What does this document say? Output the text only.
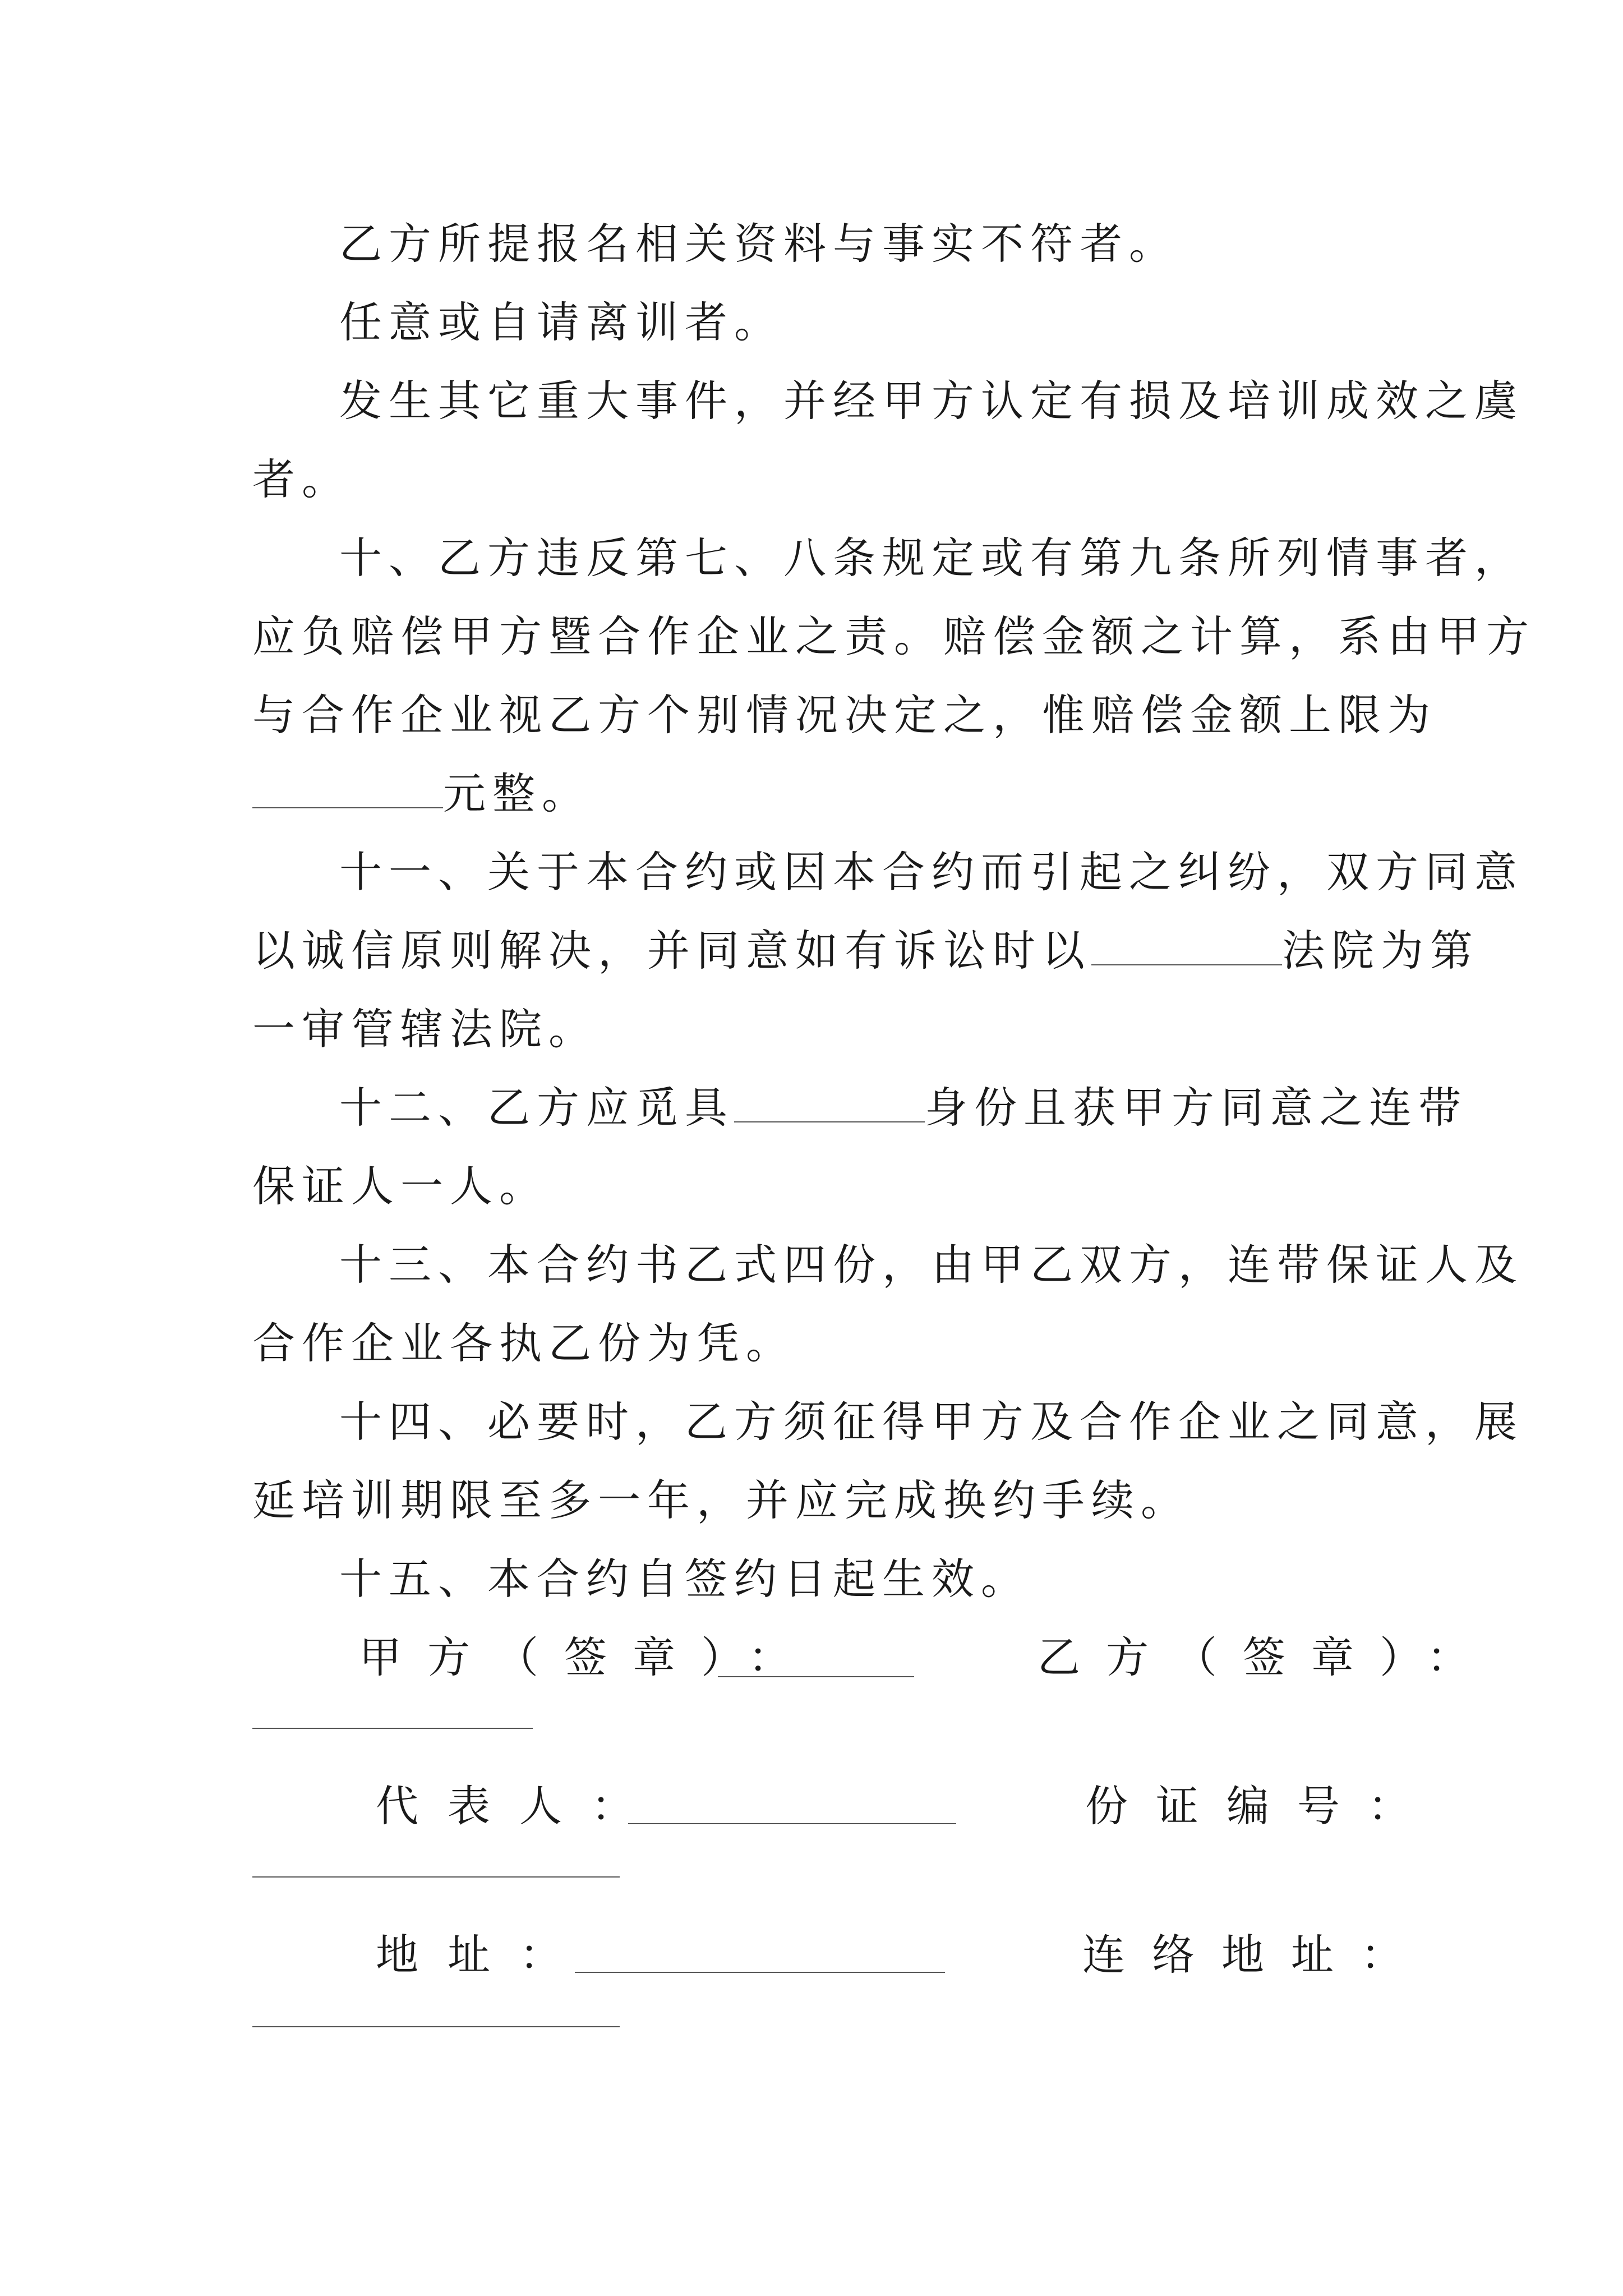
乙方所提报名相关资料与事实不符者。
任意或自请离训者。
发生其它重大事件，并经甲方认定有损及培训成效之虞
者。
十、乙方违反第七、八条规定或有第九条所列情事者，
应负赔偿甲方暨合作企业之责。赔偿金额之计算，系由甲方
与合作企业视乙方个别情况决定之，惟赔偿金额上限为
元整。
十一、关于本合约或因本合约而引起之纠纷，双方同意
以诚信原则解决，并同意如有诉讼时以	法院为第
一审管辖法院。
十二、乙方应觅具	身份且获甲方同意之连带
保证人一人。
十三、本合约书乙式四份，由甲乙双方，连带保证人及
合作企业各执乙份为凭。
十四、必要时，乙方须征得甲方及合作企业之同意，展
延培训期限至多一年，并应完成换约手续。
十五、本合约自签约日起生效。
甲方（签章）：	乙方（签章）：
代表人：	份证编号：
地址：	连络地址：
